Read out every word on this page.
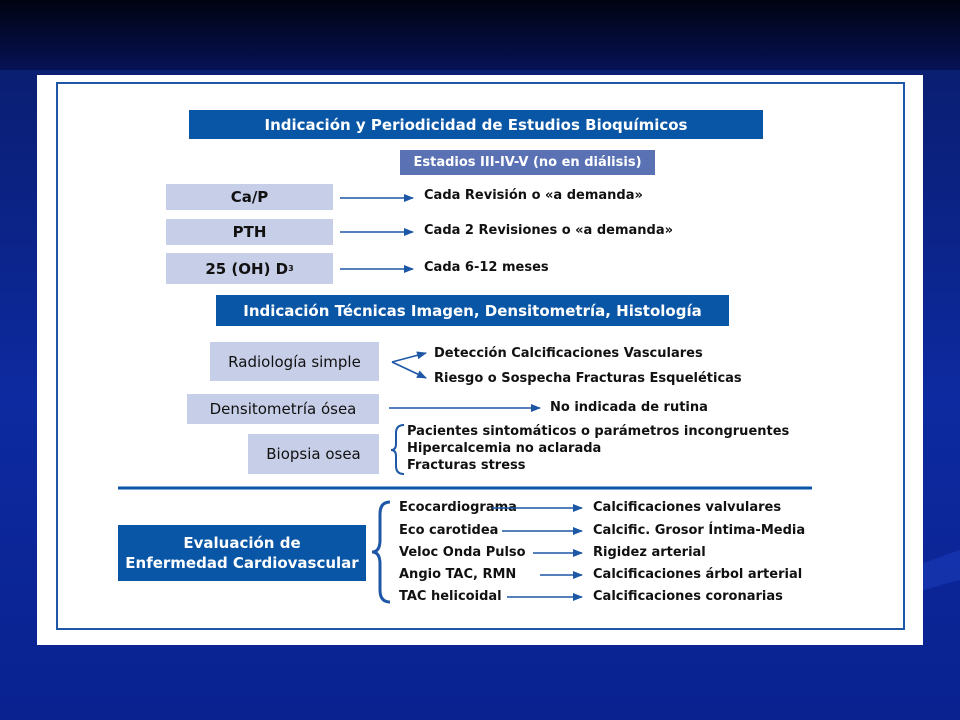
Indicación y Periodicidad de Estudios Bioquímicos
Estadios III-IV-V (no en diálisis)
Ca/P	Cada Revisión o «a demanda»
PTH	Cada 2 Revisiones o «a demanda»
25 (OH) D 3	Cada 6-12 meses
Indicación Técnicas Imagen, Densitometría, Histología
Radiología simple	Detección Calcificaciones Vasculares
Riesgo o Sospecha Fracturas Esqueléticas
Densitometría ósea	No indicada de rutina
Biopsia osea
Pacientes sintomáticos o parámetros incongruentes
Hipercalcemia no aclarada
Fracturas stress
Evaluación de
Enfermedad Cardiovascular
Ecocardiograma	Calcificaciones valvulares
Eco carotidea	Calcific. Grosor Íntima-Media
Veloc Onda Pulso	Rigidez arterial
Angio TAC, RMN	Calcificaciones árbol arterial
TAC helicoidal	Calcificaciones coronarias
